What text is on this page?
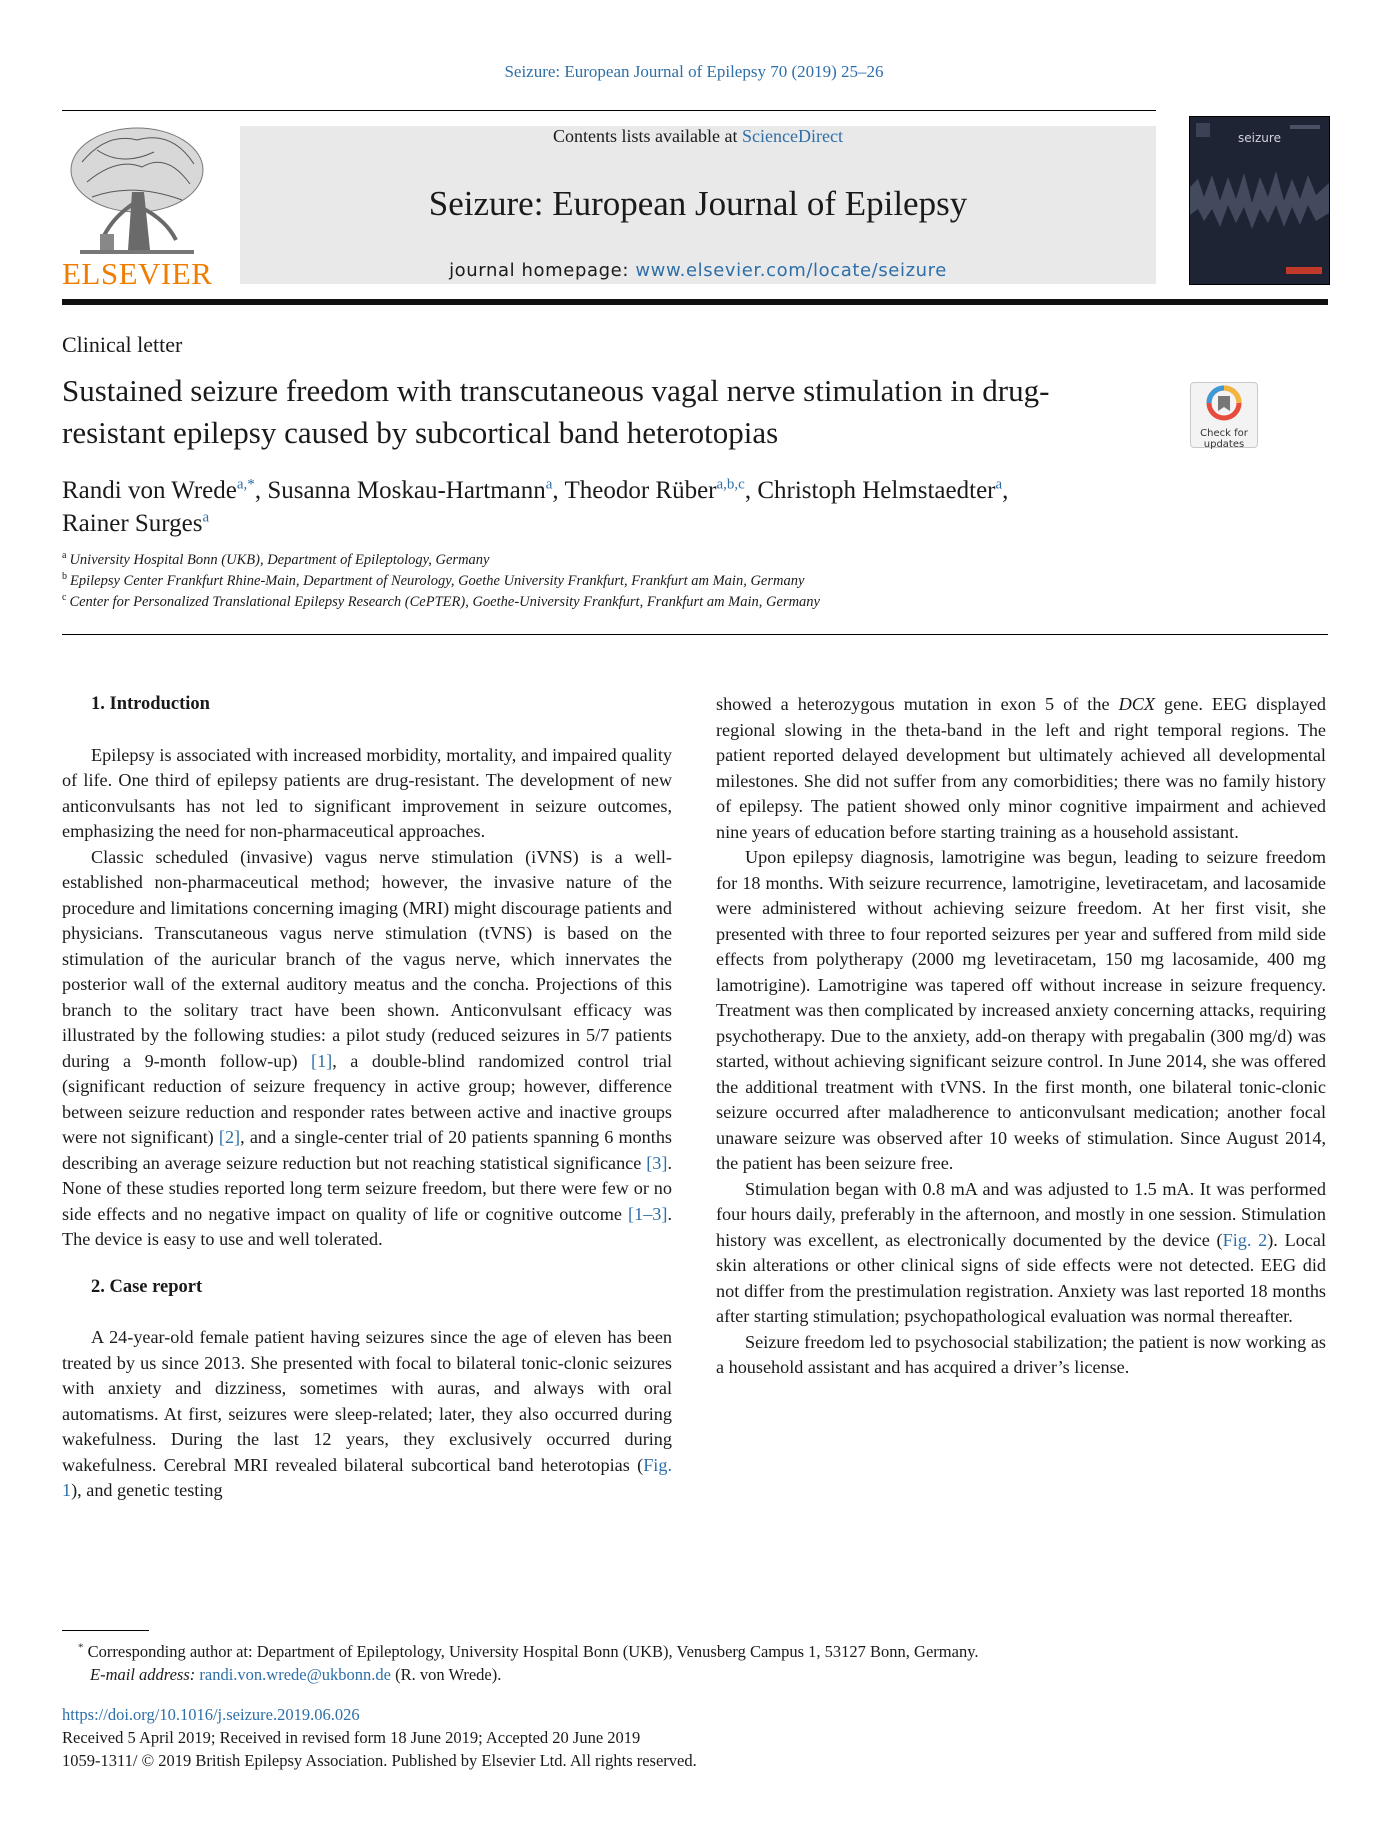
Seizure: European Journal of Epilepsy 70 (2019) 25–26
ELSEVIER
Contents lists available at ScienceDirect
Seizure: European Journal of Epilepsy
journal homepage: www.elsevier.com/locate/seizure
seizure
Clinical letter
Sustained seizure freedom with transcutaneous vagal nerve stimulation in drug-resistant epilepsy caused by subcortical band heterotopias	Check for updates
Randi von Wrede$^{a,*}$, Susanna Moskau-Hartmann$^a$, Theodor Rüber$^{a,b,c}$, Christoph Helmstaedter$^a$,
Rainer Surges$^a$
$^a$ University Hospital Bonn (UKB), Department of Epileptology, Germany
$^b$ Epilepsy Center Frankfurt Rhine-Main, Department of Neurology, Goethe University Frankfurt, Frankfurt am Main, Germany
$^c$ Center for Personalized Translational Epilepsy Research (CePTER), Goethe-University Frankfurt, Frankfurt am Main, Germany

1. Introduction

Epilepsy is associated with increased morbidity, mortality, and impaired quality of life. One third of epilepsy patients are drug-resistant. The development of new anticonvulsants has not led to significant improvement in seizure outcomes, emphasizing the need for non-pharmaceutical approaches.

Classic scheduled (invasive) vagus nerve stimulation (iVNS) is a well-established non-pharmaceutical method; however, the invasive nature of the procedure and limitations concerning imaging (MRI) might discourage patients and physicians. Transcutaneous vagus nerve stimulation (tVNS) is based on the stimulation of the auricular branch of the vagus nerve, which innervates the posterior wall of the external auditory meatus and the concha. Projections of this branch to the solitary tract have been shown. Anticonvulsant efficacy was illustrated by the following studies: a pilot study (reduced seizures in 5/7 patients during a 9-month follow-up) [1], a double-blind randomized control trial (significant reduction of seizure frequency in active group; however, difference between seizure reduction and responder rates between active and inactive groups were not significant) [2], and a single-center trial of 20 patients spanning 6 months describing an average seizure reduction but not reaching statistical significance [3]. None of these studies reported long term seizure freedom, but there were few or no side effects and no negative impact on quality of life or cognitive outcome [1–3]. The device is easy to use and well tolerated.

2. Case report

A 24-year-old female patient having seizures since the age of eleven has been treated by us since 2013. She presented with focal to bilateral tonic-clonic seizures with anxiety and dizziness, sometimes with auras, and always with oral automatisms. At first, seizures were sleep-related; later, they also occurred during wakefulness. During the last 12 years, they exclusively occurred during wakefulness. Cerebral MRI revealed bilateral subcortical band heterotopias (Fig. 1), and genetic testing

showed a heterozygous mutation in exon 5 of the DCX gene. EEG displayed regional slowing in the theta-band in the left and right temporal regions. The patient reported delayed development but ultimately achieved all developmental milestones. She did not suffer from any comorbidities; there was no family history of epilepsy. The patient showed only minor cognitive impairment and achieved nine years of education before starting training as a household assistant.

Upon epilepsy diagnosis, lamotrigine was begun, leading to seizure freedom for 18 months. With seizure recurrence, lamotrigine, levetiracetam, and lacosamide were administered without achieving seizure freedom. At her first visit, she presented with three to four reported seizures per year and suffered from mild side effects from polytherapy (2000 mg levetiracetam, 150 mg lacosamide, 400 mg lamotrigine). Lamotrigine was tapered off without increase in seizure frequency. Treatment was then complicated by increased anxiety concerning attacks, requiring psychotherapy. Due to the anxiety, add-on therapy with pregabalin (300 mg/d) was started, without achieving significant seizure control. In June 2014, she was offered the additional treatment with tVNS. In the first month, one bilateral tonic-clonic seizure occurred after maladherence to anticonvulsant medication; another focal unaware seizure was observed after 10 weeks of stimulation. Since August 2014, the patient has been seizure free.

Stimulation began with 0.8 mA and was adjusted to 1.5 mA. It was performed four hours daily, preferably in the afternoon, and mostly in one session. Stimulation history was excellent, as electronically documented by the device (Fig. 2). Local skin alterations or other clinical signs of side effects were not detected. EEG did not differ from the prestimulation registration. Anxiety was last reported 18 months after starting stimulation; psychopathological evaluation was normal thereafter.

Seizure freedom led to psychosocial stabilization; the patient is now working as a household assistant and has acquired a driver’s license.

* Corresponding author at: Department of Epileptology, University Hospital Bonn (UKB), Venusberg Campus 1, 53127 Bonn, Germany.
E-mail address: randi.von.wrede@ukbonn.de (R. von Wrede).
https://doi.org/10.1016/j.seizure.2019.06.026
Received 5 April 2019; Received in revised form 18 June 2019; Accepted 20 June 2019
1059-1311/ © 2019 British Epilepsy Association. Published by Elsevier Ltd. All rights reserved.
